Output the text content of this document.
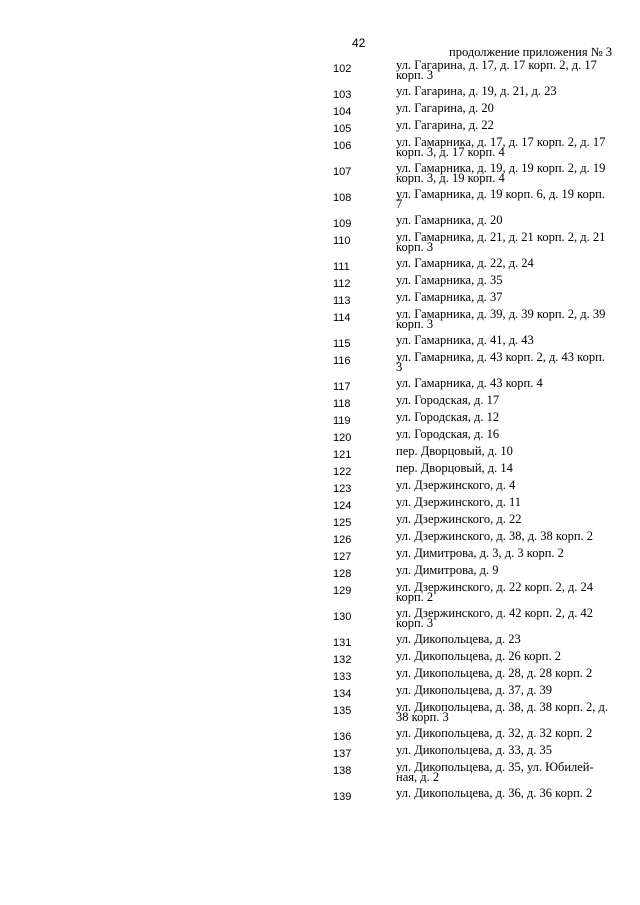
42
продолжение приложения № 3
102	ул. Гагарина, д. 17, д. 17 корп. 2, д. 17 корп. 3
103	ул. Гагарина, д. 19, д. 21, д. 23
104	ул. Гагарина, д. 20
105	ул. Гагарина, д. 22
106	ул. Гамарника, д. 17, д. 17 корп. 2, д. 17 корп. 3, д. 17 корп. 4
107	ул. Гамарника, д. 19, д. 19 корп. 2, д. 19 корп. 3, д. 19 корп. 4
108	ул. Гамарника, д. 19 корп. 6, д. 19 корп. 7
109	ул. Гамарника, д. 20
110	ул. Гамарника, д. 21, д. 21 корп. 2, д. 21 корп. 3
111	ул. Гамарника, д. 22, д. 24
112	ул. Гамарника, д. 35
113	ул. Гамарника, д. 37
114	ул. Гамарника, д. 39, д. 39 корп. 2, д. 39 корп. 3
115	ул. Гамарника, д. 41, д. 43
116	ул. Гамарника, д. 43 корп. 2, д. 43 корп. 3
117	ул. Гамарника, д. 43 корп. 4
118	ул. Городская, д. 17
119	ул. Городская, д. 12
120	ул. Городская, д. 16
121	пер. Дворцовый, д. 10
122	пер. Дворцовый, д. 14
123	ул. Дзержинского, д. 4
124	ул. Дзержинского, д. 11
125	ул. Дзержинского, д. 22
126	ул. Дзержинского, д. 38, д. 38 корп. 2
127	ул. Димитрова, д. 3, д. 3 корп. 2
128	ул. Димитрова, д. 9
129	ул. Дзержинского, д. 22 корп. 2, д. 24 корп. 2
130	ул. Дзержинского, д. 42 корп. 2, д. 42 корп. 3
131	ул. Дикопольцева, д. 23
132	ул. Дикопольцева, д. 26 корп. 2
133	ул. Дикопольцева, д. 28, д. 28 корп. 2
134	ул. Дикопольцева, д. 37, д. 39
135	ул. Дикопольцева, д. 38, д. 38 корп. 2, д. 38 корп. 3
136	ул. Дикопольцева, д. 32, д. 32 корп. 2
137	ул. Дикопольцева, д. 33, д. 35
138	ул. Дикопольцева, д. 35, ул. Юбилей-ная, д. 2
139	ул. Дикопольцева, д. 36, д. 36 корп. 2
